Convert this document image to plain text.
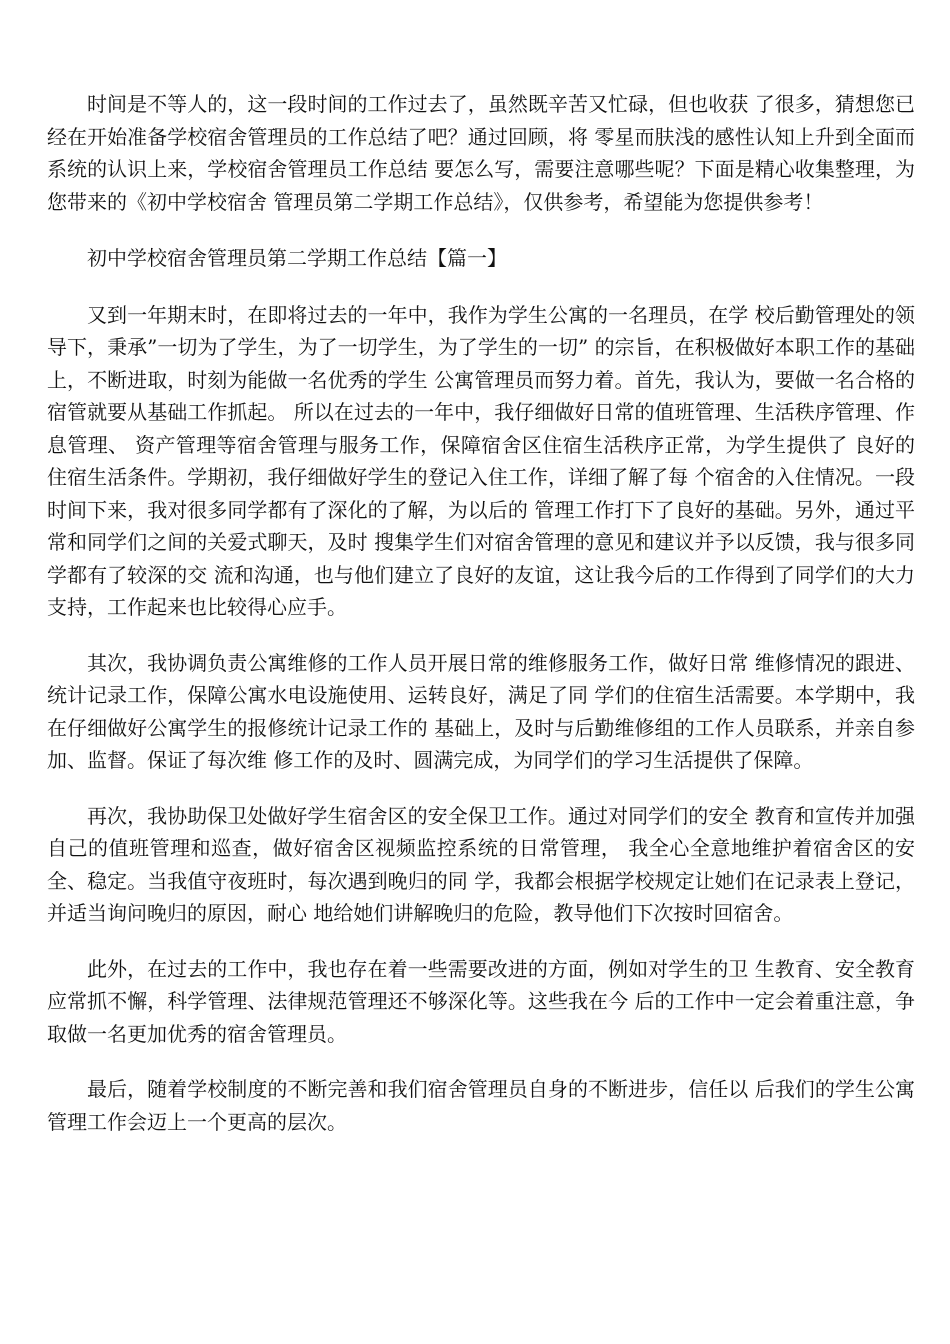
时间是不等人的，这一段时间的工作过去了，虽然既辛苦又忙碌，但也收获 了很多，猜想您已经在开始准备学校宿舍管理员的工作总结了吧？通过回顾，将 零星而肤浅的感性认知上升到全面而系统的认识上来，学校宿舍管理员工作总结 要怎么写，需要注意哪些呢？下面是精心收集整理，为您带来的《初中学校宿舍 管理员第二学期工作总结》，仅供参考，希望能为您提供参考！

初中学校宿舍管理员第二学期工作总结【篇一】

又到一年期末时，在即将过去的一年中，我作为学生公寓的一名理员，在学 校后勤管理处的领导下，秉承”一切为了学生，为了一切学生，为了学生的一切” 的宗旨，在积极做好本职工作的基础上，不断进取，时刻为能做一名优秀的学生 公寓管理员而努力着。首先，我认为，要做一名合格的宿管就要从基础工作抓起。 所以在过去的一年中，我仔细做好日常的值班管理、生活秩序管理、作息管理、 资产管理等宿舍管理与服务工作，保障宿舍区住宿生活秩序正常，为学生提供了 良好的住宿生活条件。学期初，我仔细做好学生的登记入住工作，详细了解了每 个宿舍的入住情况。一段时间下来，我对很多同学都有了深化的了解，为以后的 管理工作打下了良好的基础。另外，通过平常和同学们之间的关爱式聊天，及时 搜集学生们对宿舍管理的意见和建议并予以反馈，我与很多同学都有了较深的交 流和沟通，也与他们建立了良好的友谊，这让我今后的工作得到了同学们的大力 支持，工作起来也比较得心应手。

其次，我协调负责公寓维修的工作人员开展日常的维修服务工作，做好日常 维修情况的跟进、统计记录工作，保障公寓水电设施使用、运转良好，满足了同 学们的住宿生活需要。本学期中，我在仔细做好公寓学生的报修统计记录工作的 基础上，及时与后勤维修组的工作人员联系，并亲自参加、监督。保证了每次维 修工作的及时、圆满完成，为同学们的学习生活提供了保障。

再次，我协助保卫处做好学生宿舍区的安全保卫工作。通过对同学们的安全 教育和宣传并加强自己的值班管理和巡查，做好宿舍区视频监控系统的日常管理， 我全心全意地维护着宿舍区的安全、稳定。当我值守夜班时，每次遇到晚归的同 学，我都会根据学校规定让她们在记录表上登记，并适当询问晚归的原因，耐心 地给她们讲解晚归的危险，教导他们下次按时回宿舍。

此外，在过去的工作中，我也存在着一些需要改进的方面，例如对学生的卫 生教育、安全教育应常抓不懈，科学管理、法律规范管理还不够深化等。这些我在今 后的工作中一定会着重注意，争取做一名更加优秀的宿舍管理员。

最后，随着学校制度的不断完善和我们宿舍管理员自身的不断进步，信任以 后我们的学生公寓管理工作会迈上一个更高的层次。
